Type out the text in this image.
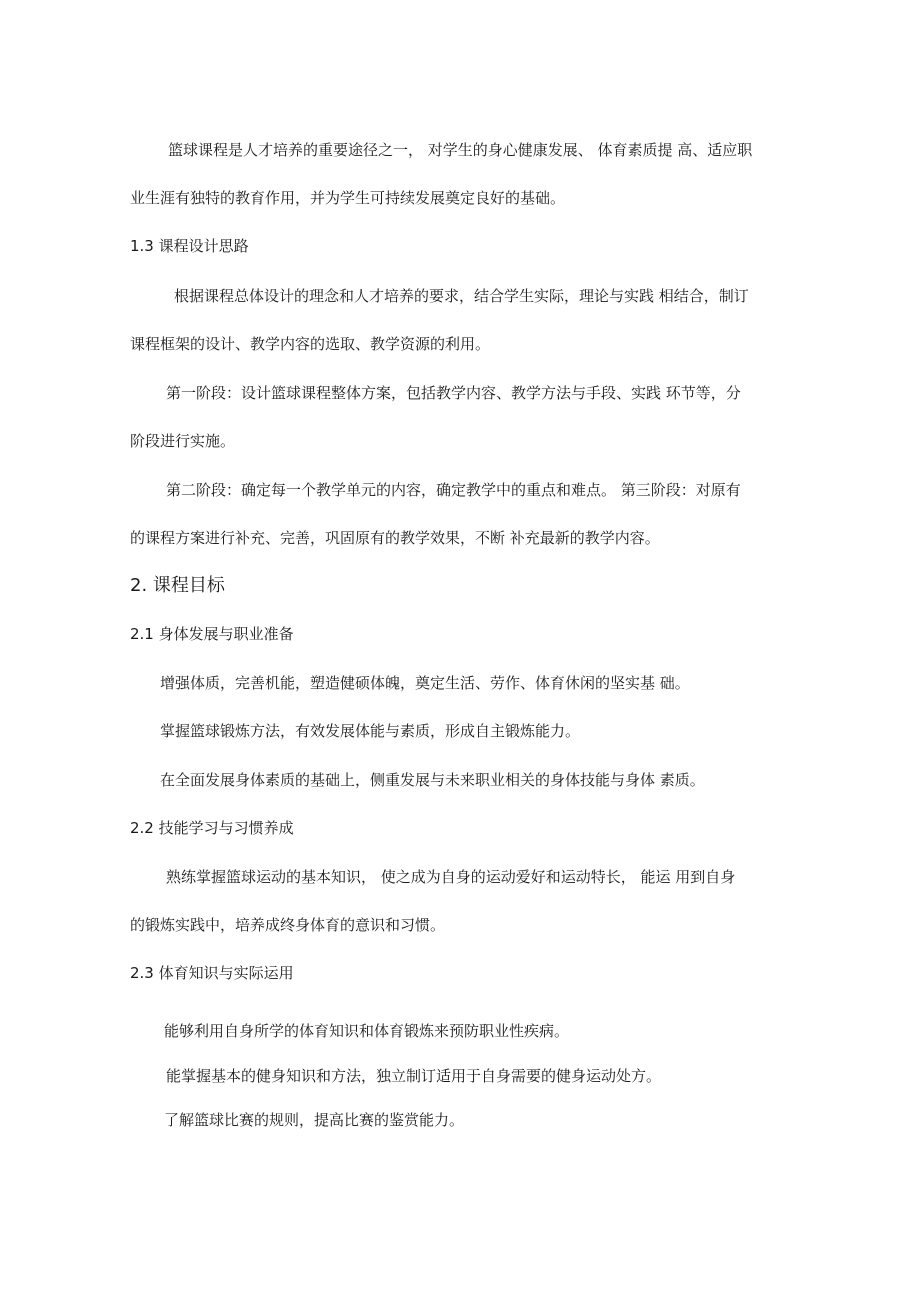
篮球课程是人才培养的重要途径之一， 对学生的身心健康发展、 体育素质提 高、适应职
业生涯有独特的教育作用，并为学生可持续发展奠定良好的基础。
1.3 课程设计思路
根据课程总体设计的理念和人才培养的要求，结合学生实际，理论与实践 相结合，制订
课程框架的设计、教学内容的选取、教学资源的利用。
第一阶段：设计篮球课程整体方案，包括教学内容、教学方法与手段、实践 环节等，分
阶段进行实施。
第二阶段：确定每一个教学单元的内容，确定教学中的重点和难点。 第三阶段：对原有
的课程方案进行补充、完善，巩固原有的教学效果，不断 补充最新的教学内容。
2. 课程目标
2.1 身体发展与职业准备
增强体质，完善机能，塑造健硕体魄，奠定生活、劳作、体育休闲的坚实基 础。
掌握篮球锻炼方法，有效发展体能与素质，形成自主锻炼能力。
在全面发展身体素质的基础上，侧重发展与未来职业相关的身体技能与身体 素质。
2.2 技能学习与习惯养成
熟练掌握篮球运动的基本知识， 使之成为自身的运动爱好和运动特长， 能运 用到自身
的锻炼实践中，培养成终身体育的意识和习惯。
2.3 体育知识与实际运用
能够利用自身所学的体育知识和体育锻炼来预防职业性疾病。
能掌握基本的健身知识和方法，独立制订适用于自身需要的健身运动处方。
了解篮球比赛的规则，提高比赛的鉴赏能力。
